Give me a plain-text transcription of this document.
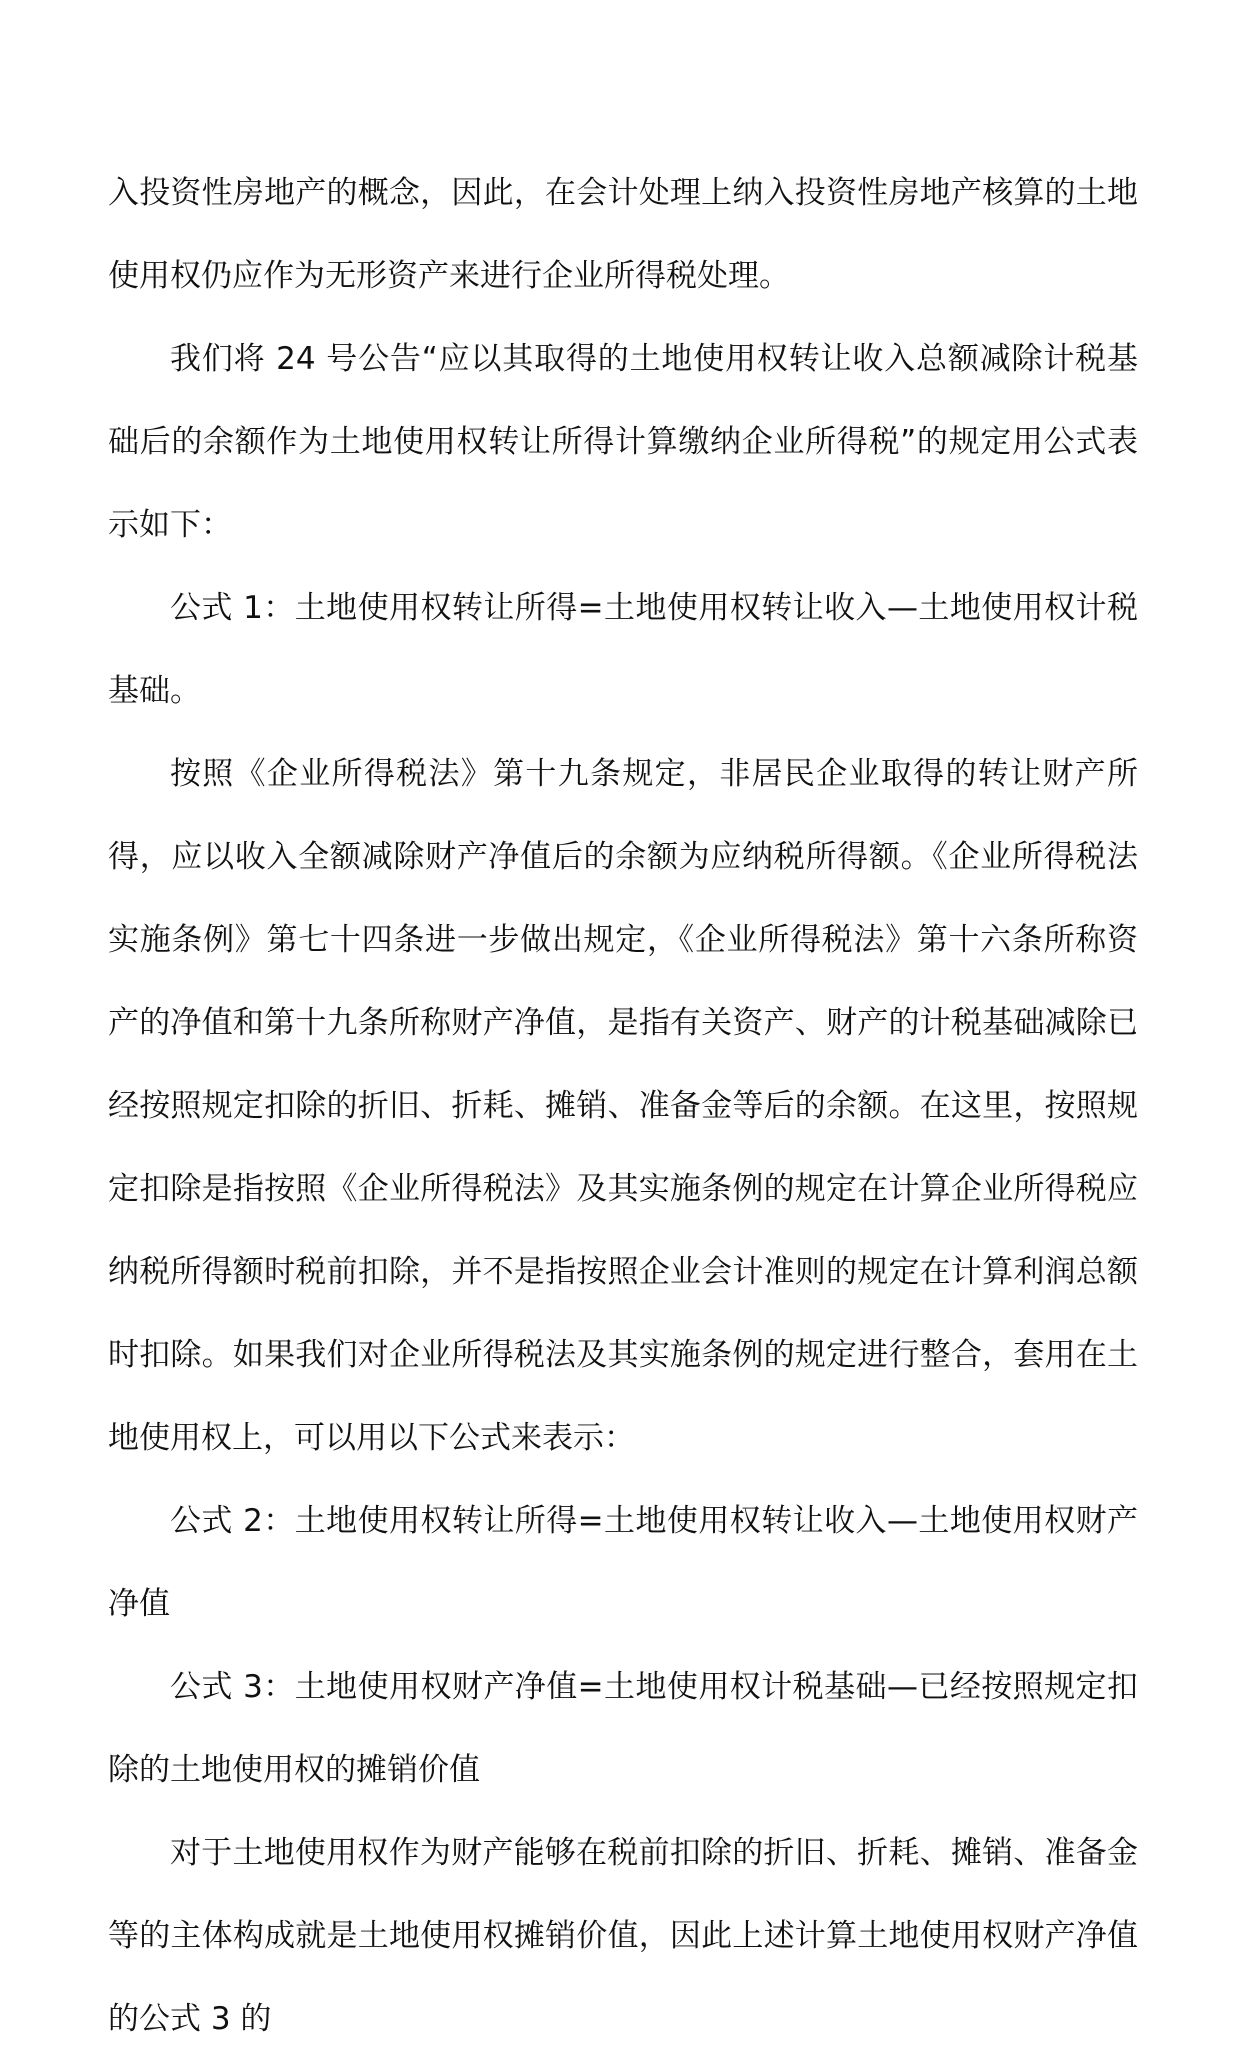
入投资性房地产的概念，因此，在会计处理上纳入投资性房地产核算的土地使用权仍应作为无形资产来进行企业所得税处理。

我们将 24 号公告“应以其取得的土地使用权转让收入总额减除计税基础后的余额作为土地使用权转让所得计算缴纳企业所得税”的规定用公式表示如下：

公式 1：土地使用权转让所得=土地使用权转让收入—土地使用权计税基础。

按照《企业所得税法》第十九条规定，非居民企业取得的转让财产所得，应以收入全额减除财产净值后的余额为应纳税所得额。《企业所得税法实施条例》第七十四条进一步做出规定，《企业所得税法》第十六条所称资产的净值和第十九条所称财产净值，是指有关资产、财产的计税基础减除已经按照规定扣除的折旧、折耗、摊销、准备金等后的余额。在这里，按照规定扣除是指按照《企业所得税法》及其实施条例的规定在计算企业所得税应纳税所得额时税前扣除，并不是指按照企业会计准则的规定在计算利润总额时扣除。如果我们对企业所得税法及其实施条例的规定进行整合，套用在土地使用权上，可以用以下公式来表示：

公式 2：土地使用权转让所得=土地使用权转让收入—土地使用权财产净值

公式 3：土地使用权财产净值=土地使用权计税基础—已经按照规定扣除的土地使用权的摊销价值

对于土地使用权作为财产能够在税前扣除的折旧、折耗、摊销、准备金等的主体构成就是土地使用权摊销价值，因此上述计算土地使用权财产净值的公式 3 的
